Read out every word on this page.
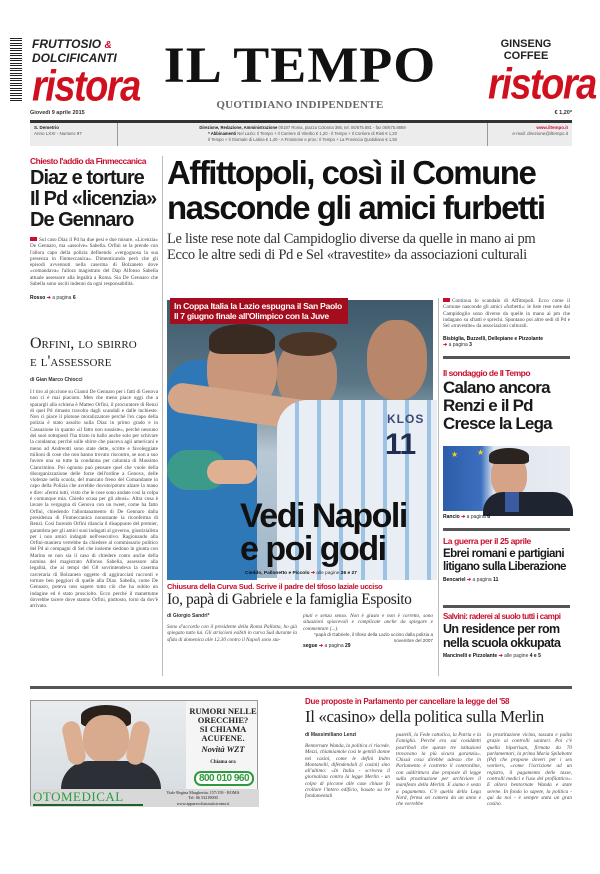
FRUTTOSIO &
DOLCIFICANTI
ristora IL TEMPO
QUOTIDIANO INDIPENDENTE
GINSENG
COFFEE
ristora
Giovedì 9 aprile 2015	€ 1,20*
S. Demetrio
Anno LXXI - Numero 97
Direzione, Redazione, Amministrazione 00187 Roma, piazza Colonna 366, tel. 06/675.881 - fax 06/675.8869
* Abbinamenti Nel Lazio: Il Tempo + Il Corriere di Viterbo € 1,20 - Il Tempo + Il Corriere di Rieti € 1,20
Il Tempo + Il Giornale di Latina € 1,40 - A Frosinone e prov.: Il Tempo + La Provincia Quotidiano € 1,50
www.iltempo.it
e-mail: direzione@iltempo.it
Chiesto l'addio da Finmeccanica
Diaz e torture
Il Pd «licenzia»
De Gennaro
Sul caso Diaz il Pd ha due pesi e due misure. «Licenzia» De Gennaro, ma «assolve» Sabella. Orfini se la prende con l'allora capo della polizia definendo «vergognosa la sua presenza in Finmeccanica». Dimenticando però che gli episodi avvennuti nella caserma di Bolzaneto dove «comandava» l'allora magistrato del Dap Alfonso Sabella attuale assessore alla legalità a Roma. Sia De Gennaro che Sabella sono usciti indenni da ogni responsabilità.
Rosso ➔ a pagina 6
Orfini, lo sbirro
e l'assessore
di Gian Marco Chiocci
I l tiro al piccione su Gianni De Gennaro per i fatti di Genova non ci è mai piaciuto. Men che meno piace oggi che a sparargli alla schiena è Matteo Orfini, il procuratore di Renzi di quel Pd rimasto travolto dagli scandali e dalle inchieste. Non ci piace il plotone moralizzatore perché l'ex capo della polizia è stato assolto sulla Diaz in primo grado e in Cassazione in quanto «il fatto non sussiste», perché nessuno dei suoi sottoposti l'ha tirato in ballo anche solo per schivare la condanna; perché sulle sbirre che piaceva agli americani e meno ad Andreotti sono state dette, scritte e favoleggiate milioni di cose che non hanno trovato riscontro, se non a suo favore una su tutte la condanna per calunnia di Massimo Ciancimino. Poi ognuno può pensare quel che vuole della disorganizzazione delle forze dell'ordine a Genova, delle violenze nella scuola, del mancato freno del Comandante in capo della Polizia che avrebbe dovuto/potuto alzare la mano e dire: «fermi tutti, visto che le cose sono andate così la colpa è comunque mia. Chiedo scusa per gli abusi». Altra cosa è lavare la vergogna di Genova con un tweet, come ha fatto Orfini, chiedendo l'allontanamento di De Gennaro dalla presidenza di Finmeccanica nonostante la riconferma di Renzi. Così facendo Orfini rilancia il disappunto del premier, garantista per gli amici suoi indagati al governo, giustizialista per i non amici indagati nell'esecutivo. Ragionando alla Orfini-maniera verrebbe da chiedere al commissario politico del Pd ai compagni di Sel che insieme siedono in giunta con Marino se non sia il caso di chiedere conto anche della nomina del magistrato Alfonso Sabella, assessore alla legalità, che ai tempi del G8 sovrintendeva la caserma carceraria di Bolzaneto oggetto di aggiracciati racconti e torture ben peggiori di quelle alla Diaz. Sabella, come De Gennaro, poteva non sapere tutto ciò che ha subito un indagine ed è stato prosciolto. Ecco perché il manettume dovrebbe tacere dove stanno Orfini, piuttosto, torni da dov'è arrivato.
Affittopoli, così il Comune
nasconde gli amici furbetti
Le liste rese note dal Campidoglio diverse da quelle in mano ai pm
Ecco le altre sedi di Pd e Sel «travestite» da associazioni culturali
Continua lo scandalo di Affittopoli. Ecco come il Comune nasconde gli amici «furbetti»: le liste rese note dal Campidoglio sono diverse da quelle in mano ai pm che indagano su sfratti e sprechi. Spuntano poi altre sedi di Pd e Sel «travestite» da associazioni culturali.
Bisbiglia, Buzzelli, Dellepiane e Pizzolante
➔ a pagina 3
KLOS
11
In Coppa Italia la Lazio espugna il San Paolo
Il 7 giugno finale all'Olimpico con la Juve
Vedi Napoli
e poi godi
Cieddo, Pallonetto e Piccolo ➔ alle pagine 26 e 27
Chiusura della Curva Sud. Scrive il padre del tifoso laziale ucciso
Io, papà di Gabriele e la famiglia Esposito
di Giorgio Sandri*
Sono d'accordo con il presidente della Roma Pallotta, ho già spiegato tutto lui. Gli striscioni esibiti in curva Sud durante la sfida di domenica alle 12.30 contro il Napoli sono sta-
piuti e senza senso. Non è giusto e non è corretto, sono situazioni spiacevoli e complicate anche da spiegare e commentare (...).
*papà di Gabriele, il tifoso della Lazio ucciso dalla polizia a novembre del 2007
segue ➔ a pagina 29
Il sondaggio de Il Tempo
Calano ancora
Renzi e il Pd
Cresce la Lega
★ ★
Rancio ➔ a pagina 8
La guerra per il 25 aprile
Ebrei romani e partigiani
litigano sulla Liberazione
Bencariel ➔ a pagina 11
Salvini: raderei al suolo tutti i campi
Un residence per rom
nella scuola okkupata
Mancinelli e Pizzolante ➔ alle pagine 4 e 5
RUMORI NELLE
ORECCHIE?
SI CHIAMA
ACUFENE.
Novità WZT
Chiama ora
800 010 960
OTOMEDICAL	Viale Regina Margherita, 157/159 - ROMA
Tel. 06 33219000
www.apparecchiacusticiroma.it
Due proposte in Parlamento per cancellare la legge del '58
Il «casino» della politica sulla Merlin
di Massimiliano Lenzi
Bentornate Wanda, la politica ci riscede. Mezzi, chiamiamole così le gentili donne nei casini, come le definì Indro Montanelli, difendendoli (i casini) sino all'ultimo: «In Italia - scriveva il giornalista contro la legge Merlin - un colpo di piccone alle case chiuse fa crollare l'intero edificio, basato su tre fondamentali
pustelli, la Fede cattolica, la Patria e la Famiglia. Perché era sui cosiddetti postriboli che queste tre istituzioni trovavano la più sicura garanzia». Chissà cosa direbbe adesso che in Parlamento è costretto il contrordine, con addirittura due proposte di legge sulla prostituzione per archiviare il manifesto della Merlin. E siamo è sesto a pagamento. C'è quella della Lega Nord, ferma sei camera da un anno e che vorrebbe
la prostituzione vicina, tassata e pulita grazie ai controlli sanitari. Poi c'è quella bipartisan, firmata da 70 parlamentari, la prima Maria Spilabotte (Pd) che propone doveri per i sex workers, «come l'iscrizione ad un registro, il pagamento delle tasse, controlli medici e l'uso del profilattico». E allora bentornate Wanda e state serene. In fondo lo sapete, la politica - qui da noi - è sempre stata un gran casino.
